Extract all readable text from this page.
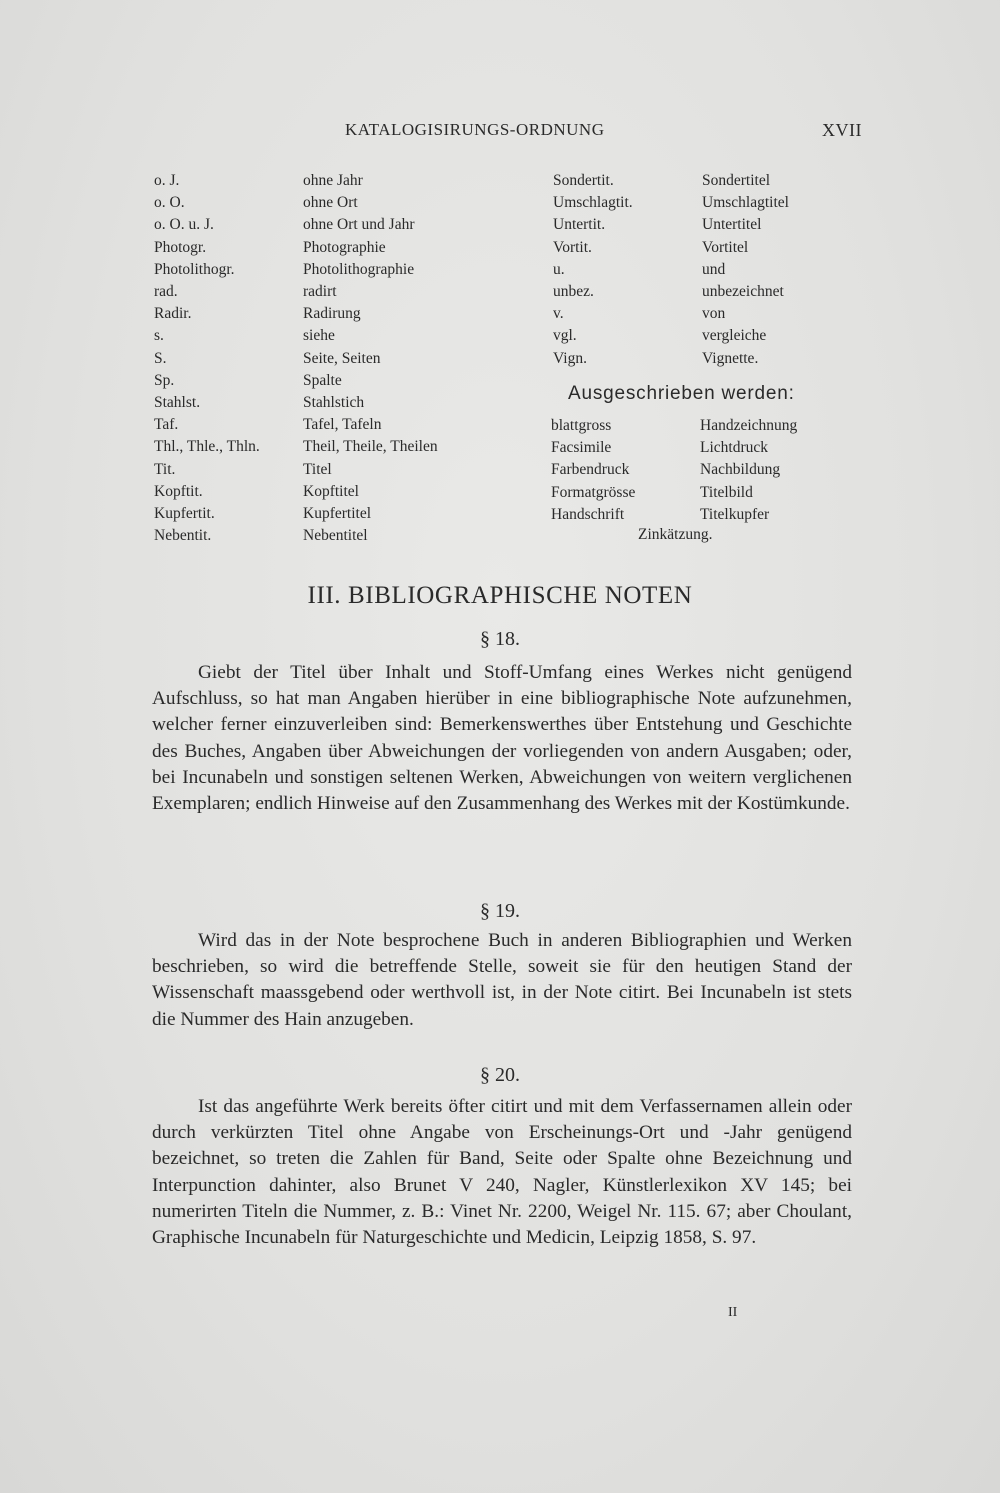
KATALOGISIRUNGS-ORDNUNG	XVII
o. J.	ohne Jahr
o. O.	ohne Ort
o. O. u. J.	ohne Ort und Jahr
Photogr.	Photographie
Photolithogr.	Photolithographie
rad.	radirt
Radir.	Radirung
s.	siehe
S.	Seite, Seiten
Sp.	Spalte
Stahlst.	Stahlstich
Taf.	Tafel, Tafeln
Thl., Thle., Thln.	Theil, Theile, Theilen
Tit.	Titel
Kopftit.	Kopftitel
Kupfertit.	Kupfertitel
Nebentit.	Nebentitel
Sondertit.	Sondertitel
Umschlagtit.	Umschlagtitel
Untertit.	Untertitel
Vortit.	Vortitel
u.	und
unbez.	unbezeichnet
v.	von
vgl.	vergleiche
Vign.	Vignette.
Ausgeschrieben werden:
blattgross	Handzeichnung
Facsimile	Lichtdruck
Farbendruck	Nachbildung
Formatgrösse	Titelbild
Handschrift	Titelkupfer
Zinkätzung.
III. BIBLIOGRAPHISCHE NOTEN
§ 18.
Giebt der Titel über Inhalt und Stoff-Umfang eines Werkes nicht genügend Aufschluss, so hat man Angaben hierüber in eine bibliographische Note aufzunehmen, welcher ferner einzuverleiben sind: Bemerkenswerthes über Entstehung und Geschichte des Buches, Angaben über Abweichungen der vorliegenden von andern Ausgaben; oder, bei Incunabeln und sonstigen seltenen Werken, Abweichungen von weitern verglichenen Exemplaren; endlich Hinweise auf den Zusammenhang des Werkes mit der Kostümkunde.
§ 19.
Wird das in der Note besprochene Buch in anderen Bibliographien und Werken beschrieben, so wird die betreffende Stelle, soweit sie für den heutigen Stand der Wissenschaft maassgebend oder werthvoll ist, in der Note citirt. Bei Incunabeln ist stets die Nummer des Hain anzugeben.
§ 20.
Ist das angeführte Werk bereits öfter citirt und mit dem Verfassernamen allein oder durch verkürzten Titel ohne Angabe von Erscheinungs-Ort und -Jahr genügend bezeichnet, so treten die Zahlen für Band, Seite oder Spalte ohne Bezeichnung und Interpunction dahinter, also Brunet V 240, Nagler, Künstlerlexikon XV 145; bei numerirten Titeln die Nummer, z. B.: Vinet Nr. 2200, Weigel Nr. 115. 67; aber Choulant, Graphische Incunabeln für Naturgeschichte und Medicin, Leipzig 1858, S. 97.
II
